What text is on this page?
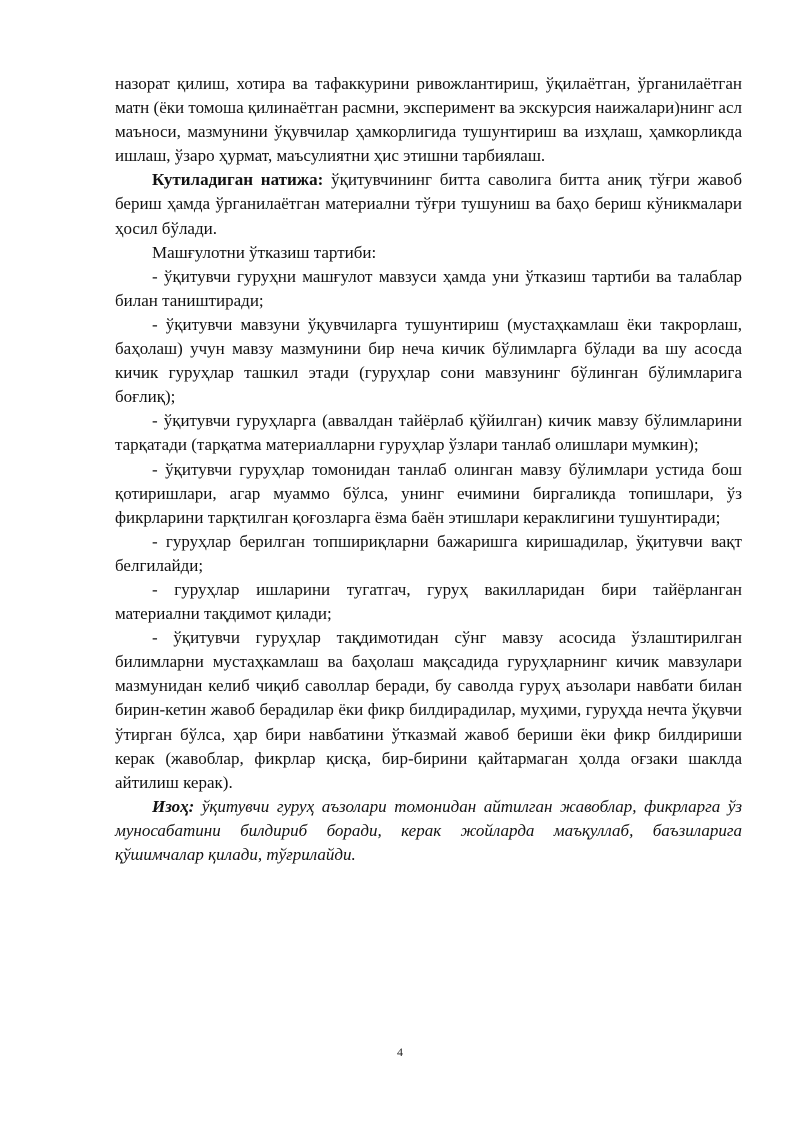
назорат қилиш, хотира ва тафаккурини ривожлантириш, ўқилаётган, ўрганилаётган матн (ёки томоша қилинаётган расмни, эксперимент ва экскурсия наижалари)нинг асл маъноси, мазмунини ўқувчилар ҳамкорлигида тушунтириш ва изҳлаш, ҳамкорликда ишлаш, ўзаро ҳурмат, маъсулиятни ҳис этишни тарбиялаш.

Кутиладиган натижа: ўқитувчининг битта саволига битта аниқ тўғри жавоб бериш ҳамда ўрганилаётган материални тўғри тушуниш ва баҳо бериш кўникмалари ҳосил бўлади.

Машғулотни ўтказиш тартиби:

- ўқитувчи гуруҳни машғулот мавзуси ҳамда уни ўтказиш тартиби ва талаблар билан таништиради;

- ўқитувчи мавзуни ўқувчиларга тушунтириш (мустаҳкамлаш ёки такрорлаш, баҳолаш) учун мавзу мазмунини бир неча кичик бўлимларга бўлади ва шу асосда кичик гуруҳлар ташкил этади (гуруҳлар сони мавзунинг бўлинган бўлимларига боғлиқ);

- ўқитувчи гуруҳларга (аввалдан тайёрлаб қўйилган) кичик мавзу бўлимларини тарқатади (тарқатма материалларни гуруҳлар ўзлари танлаб олишлари мумкин);

- ўқитувчи гуруҳлар томонидан танлаб олинган мавзу бўлимлари устида бош қотиришлари, агар муаммо бўлса, унинг ечимини биргаликда топишлари, ўз фикрларини тарқтилган қоғозларга ёзма баён этишлари кераклигини тушунтиради;

- гуруҳлар берилган топшириқларни бажаришга киришадилар, ўқитувчи вақт белгилайди;

- гуруҳлар ишларини тугатгач, гуруҳ вакилларидан бири тайёрланган материални тақдимот қилади;

- ўқитувчи гуруҳлар тақдимотидан сўнг мавзу асосида ўзлаштирилган билимларни мустаҳкамлаш ва баҳолаш мақсадида гуруҳларнинг кичик мавзулари мазмунидан келиб чиқиб саволлар беради, бу саволда гуруҳ аъзолари навбати билан бирин-кетин жавоб берадилар ёки фикр билдирадилар, муҳими, гуруҳда нечта ўқувчи ўтирган бўлса, ҳар бири навбатини ўтказмай жавоб бериши ёки фикр билдириши керак (жавоблар, фикрлар қисқа, бир-бирини қайтармаган ҳолда оғзаки шаклда айтилиш керак).

Изоҳ: ўқитувчи гуруҳ аъзолари томонидан айтилган жавоблар, фикрларга ўз муносабатини билдириб боради, керак жойларда маъқуллаб, баъзиларига қўшимчалар қилади, тўғрилайди.

4
